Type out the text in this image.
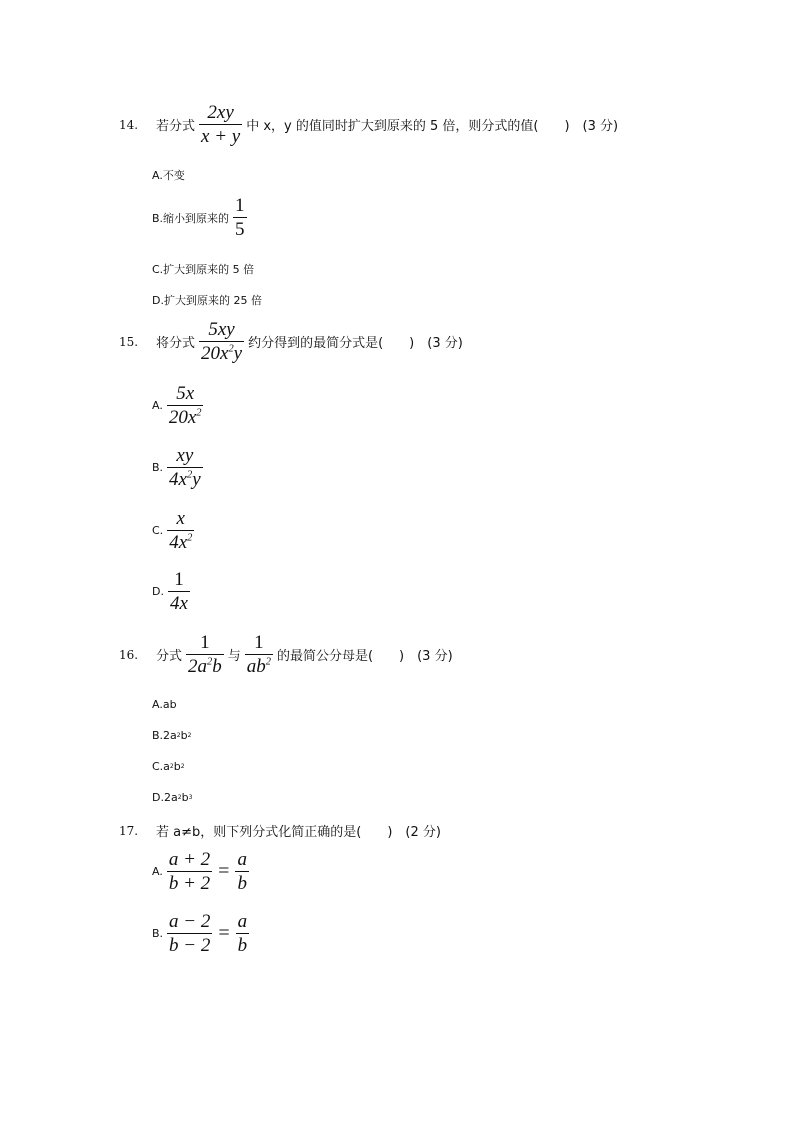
14.	若分式 $\frac{2xy}{x + y}$ 中 x，y 的值同时扩大到原来的 5 倍，则分式的值(　　)　(3 分)
A.不变
B.缩小到原来的 $\frac{1}{5}$
C.扩大到原来的 5 倍
D.扩大到原来的 25 倍
15.	将分式 $\frac{5xy}{20x^2y}$ 约分得到的最简分式是(　　)　(3 分)
A. $\frac{5x}{20x^2}$
B. $\frac{xy}{4x^2y}$
C. $\frac{x}{4x^2}$
D. $\frac{1}{4x}$
16.	分式 $\frac{1}{2a^2b}$ 与 $\frac{1}{ab^2}$ 的最简公分母是(　　)　(3 分)
A.ab
B.2a 2 b 2
C.a 2 b 2
D.2a 2 b 3
17.	若 a≠b，则下列分式化简正确的是(　　)　(2 分)
A. $\frac{a + 2}{b + 2} = \frac{a}{b}$
B. $\frac{a - 2}{b - 2} = \frac{a}{b}$
